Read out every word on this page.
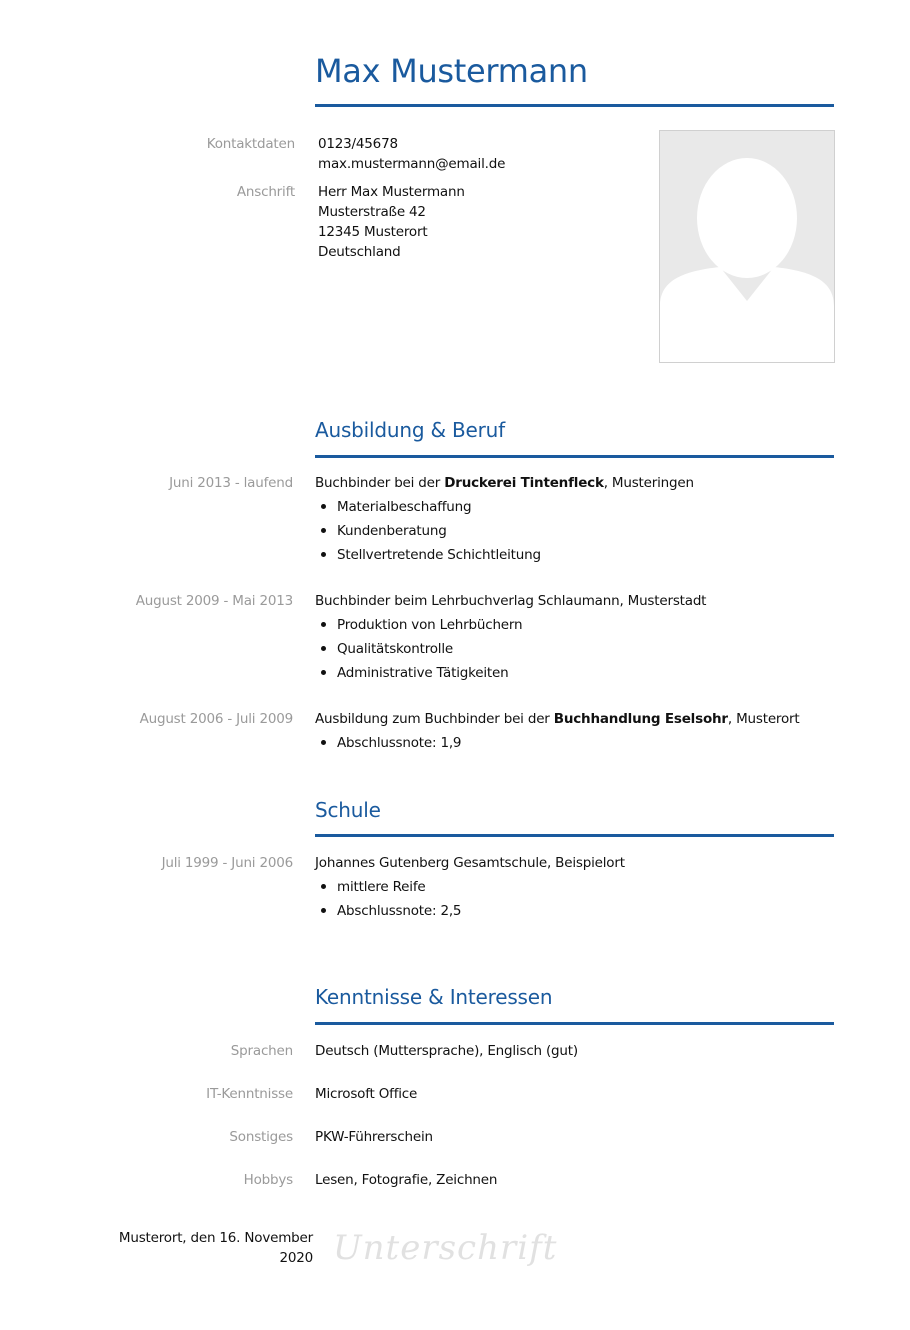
Max Mustermann
Kontaktdaten 0123/45678
max.mustermann@email.de
Anschrift Herr Max Mustermann
Musterstraße 42
12345 Musterort
Deutschland
Ausbildung & Beruf
Juni 2013 - laufend Buchbinder bei der Druckerei Tintenfleck, Musteringen
Materialbeschaffung
Kundenberatung
Stellvertretende Schichtleitung
August 2009 - Mai 2013 Buchbinder beim Lehrbuchverlag Schlaumann, Musterstadt
Produktion von Lehrbüchern
Qualitätskontrolle
Administrative Tätigkeiten
August 2006 - Juli 2009 Ausbildung zum Buchbinder bei der Buchhandlung Eselsohr, Musterort
Abschlussnote: 1,9
Schule
Juli 1999 - Juni 2006 Johannes Gutenberg Gesamtschule, Beispielort
mittlere Reife
Abschlussnote: 2,5
Kenntnisse & Interessen
Sprachen Deutsch (Muttersprache), Englisch (gut)
IT-Kenntnisse Microsoft Office
Sonstiges PKW-Führerschein
Hobbys Lesen, Fotografie, Zeichnen
Musterort, den 16. November
2020 Unterschrift
